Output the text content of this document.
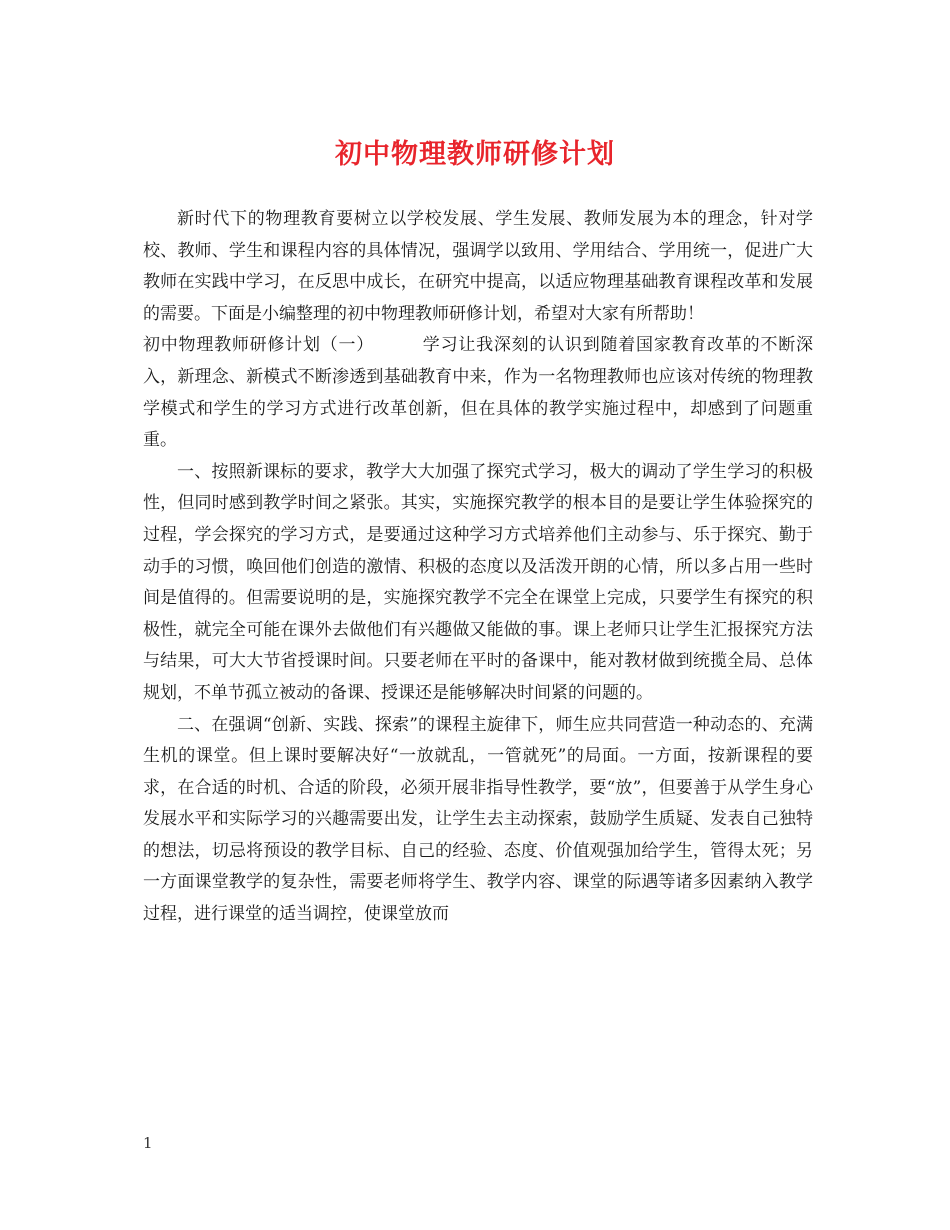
初中物理教师研修计划

新时代下的物理教育要树立以学校发展、学生发展、教师发展为本的理念，针对学校、教师、学生和课程内容的具体情况，强调学以致用、学用结合、学用统一，促进广大教师在实践中学习，在反思中成长，在研究中提高，以适应物理基础教育课程改革和发展的需要。下面是小编整理的初中物理教师研修计划，希望对大家有所帮助！

初中物理教师研修计划（一）	学习让我深刻的认识到随着国家教育改革的不断深入，新理念、新模式不断渗透到基础教育中来，作为一名物理教师也应该对传统的物理教学模式和学生的学习方式进行改革创新，但在具体的教学实施过程中，却感到了问题重重。

一、按照新课标的要求，教学大大加强了探究式学习，极大的调动了学生学习的积极性，但同时感到教学时间之紧张。其实，实施探究教学的根本目的是要让学生体验探究的过程，学会探究的学习方式，是要通过这种学习方式培养他们主动参与、乐于探究、勤于动手的习惯，唤回他们创造的激情、积极的态度以及活泼开朗的心情，所以多占用一些时间是值得的。但需要说明的是，实施探究教学不完全在课堂上完成，只要学生有探究的积极性，就完全可能在课外去做他们有兴趣做又能做的事。课上老师只让学生汇报探究方法与结果，可大大节省授课时间。只要老师在平时的备课中，能对教材做到统揽全局、总体规划，不单节孤立被动的备课、授课还是能够解决时间紧的问题的。

二、在强调“创新、实践、探索”的课程主旋律下，师生应共同营造一种动态的、充满生机的课堂。但上课时要解决好“一放就乱，一管就死”的局面。一方面，按新课程的要求，在合适的时机、合适的阶段，必须开展非指导性教学，要“放”，但要善于从学生身心发展水平和实际学习的兴趣需要出发，让学生去主动探索，鼓励学生质疑、发表自己独特的想法，切忌将预设的教学目标、自己的经验、态度、价值观强加给学生，管得太死；另一方面课堂教学的复杂性，需要老师将学生、教学内容、课堂的际遇等诸多因素纳入教学过程，进行课堂的适当调控，使课堂放而

1
